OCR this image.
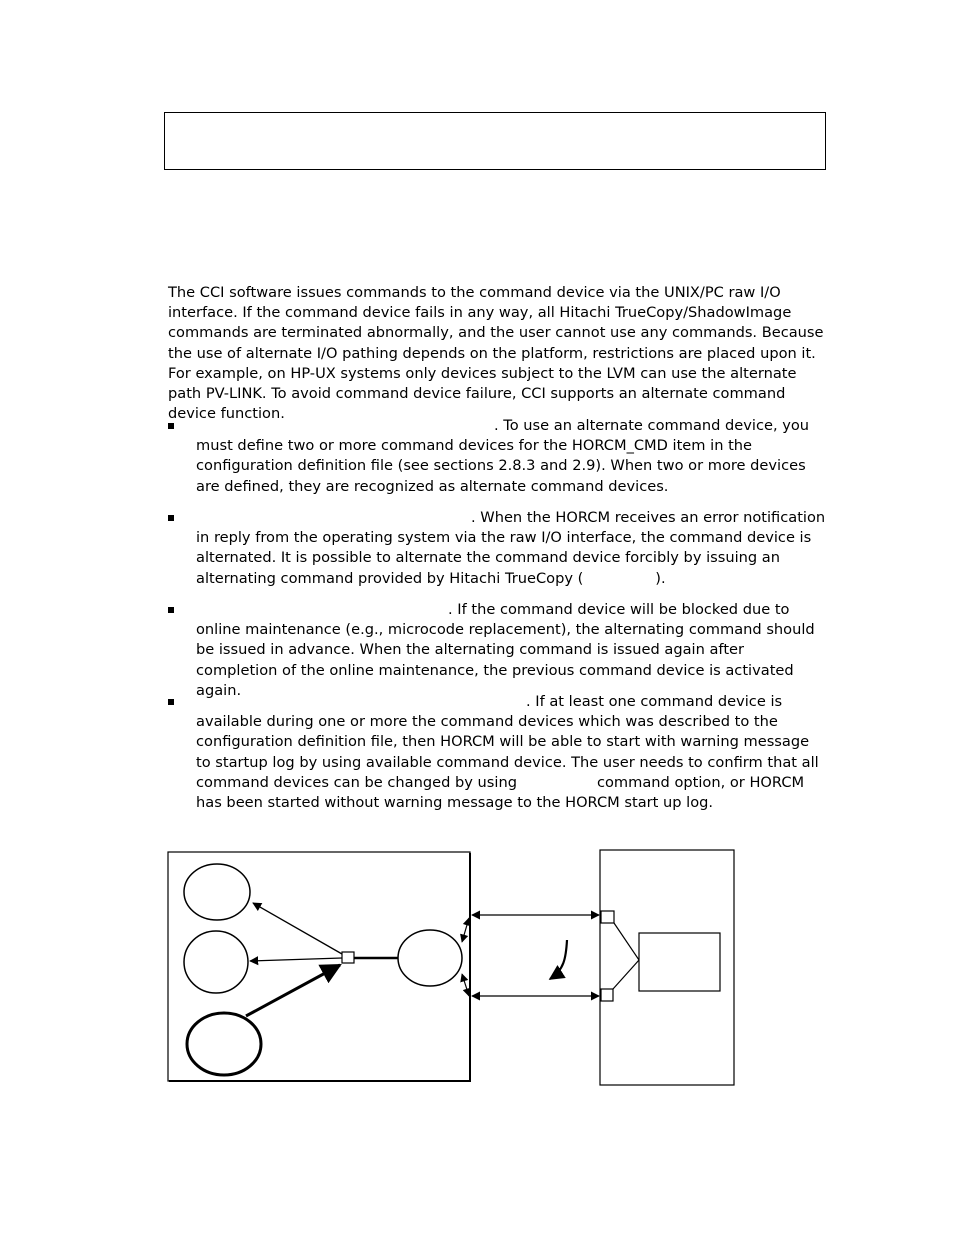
The CCI software issues commands to the command device via the UNIX/PC raw I/O interface. If the command device fails in any way, all Hitachi TrueCopy/ShadowImage commands are terminated abnormally, and the user cannot use any commands. Because the use of alternate I/O pathing depends on the platform, restrictions are placed upon it. For example, on HP-UX systems only devices subject to the LVM can use the alternate path PV-LINK. To avoid command device failure, CCI supports an alternate command device function.

. To use an alternate command device, you must define two or more command devices for the HORCM_CMD item in the configuration definition file (see sections 2.8.3 and 2.9). When two or more devices are defined, they are recognized as alternate command devices.

. When the HORCM receives an error notification in reply from the operating system via the raw I/O interface, the command device is alternated. It is possible to alternate the command device forcibly by issuing an alternating command provided by Hitachi TrueCopy (	).

. If the command device will be blocked due to online maintenance (e.g., microcode replacement), the alternating command should be issued in advance. When the alternating command is issued again after completion of the online maintenance, the previous command device is activated again.

. If at least one command device is available during one or more the command devices which was described to the configuration definition file, then HORCM will be able to start with warning message to startup log by using available command device. The user needs to confirm that all command devices can be changed by using	command option, or HORCM has been started without warning message to the HORCM start up log.
